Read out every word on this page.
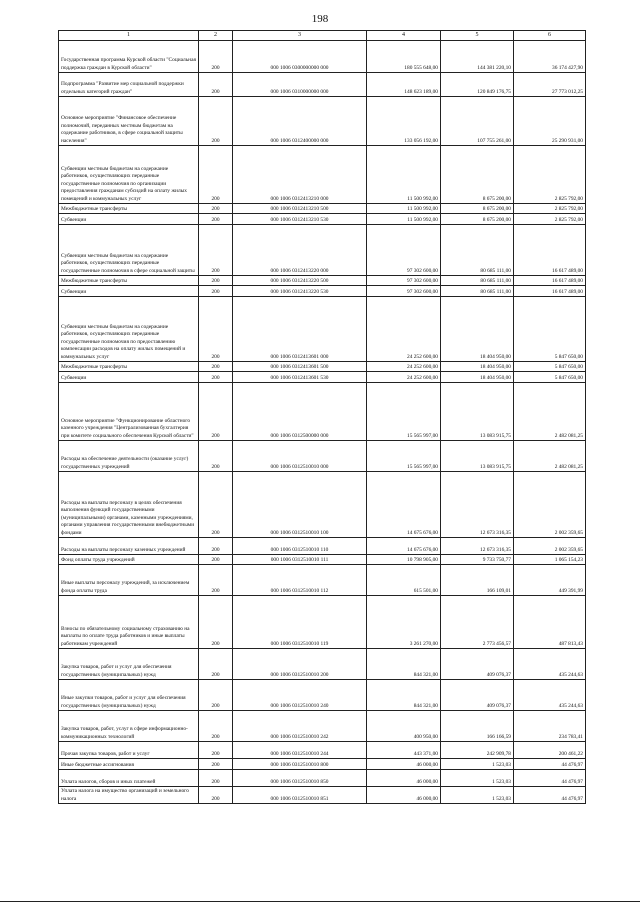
198
1	2	3	4	5	6
Государственная программа Курской области "Социальная поддержка граждан в Курской области"	200	000 1006 0300000000 000	180 555 648,00	144 381 220,10	36 174 427,90
Подпрограмма "Развитие мер социальной поддержки отдельных категорий граждан"	200	000 1006 0310000000 000	148 623 189,00	120 849 176,75	27 773 012,25
Основное мероприятие "Финансовое обеспечение полномочий, переданных местным бюджетам на содержание работников, в сфере социальной защиты населения"	200	000 1006 0312400000 000	133 056 192,00	107 755 261,00	25 290 931,00
Субвенции местным бюджетам на содержание работников, осуществляющих переданные государственные полномочия по организации предоставления гражданам субсидий на оплату жилых помещений и коммунальных услуг	200	000 1006 0312413210 000	11 500 992,00	8 675 200,00	2 825 792,00
Межбюджетные трансферты	200	000 1006 0312413210 500	11 500 992,00	8 675 200,00	2 825 792,00
Субвенции	200	000 1006 0312413210 530	11 500 992,00	8 675 200,00	2 825 792,00
Субвенции местным бюджетам на содержание работников, осуществляющих переданные государственные полномочия в сфере социальной защиты	200	000 1006 0312413220 000	97 302 600,00	80 685 111,00	16 617 489,00
Межбюджетные трансферты	200	000 1006 0312413220 500	97 302 600,00	80 685 111,00	16 617 489,00
Субвенции	200	000 1006 0312413220 530	97 302 600,00	80 685 111,00	16 617 489,00
Субвенции местным бюджетам на содержание работников, осуществляющих переданные государственные полномочия по предоставлению компенсации расходов на оплату жилых помещений и коммунальных услуг	200	000 1006 0312413601 000	24 252 600,00	18 404 950,00	5 847 650,00
Межбюджетные трансферты	200	000 1006 0312413601 500	24 252 600,00	18 404 950,00	5 847 650,00
Субвенции	200	000 1006 0312413601 530	24 252 600,00	18 404 950,00	5 847 650,00
Основное мероприятие "Функционирование областного казенного учреждения "Централизованная бухгалтерия при комитете социального обеспечения Курской области"	200	000 1006 0312500000 000	15 565 997,00	13 083 915,75	2 482 081,25
Расходы на обеспечение деятельности (оказание услуг) государственных учреждений	200	000 1006 0312510010 000	15 565 997,00	13 083 915,75	2 482 081,25
Расходы на выплаты персоналу в целях обеспечения выполнения функций государственными (муниципальными) органами, казенными учреждениями, органами управления государственными внебюджетными фондами	200	000 1006 0312510010 100	14 675 676,00	12 673 316,35	2 002 359,65
Расходы на выплаты персоналу казенных учреждений	200	000 1006 0312510010 110	14 675 676,00	12 673 316,35	2 002 359,65
Фонд оплаты труда учреждений	200	000 1006 0312510010 111	10 798 905,00	9 733 750,77	1 065 154,23
Иные выплаты персоналу учреждений, за исключением фонда оплаты труда	200	000 1006 0312510010 112	615 501,00	166 109,01	449 391,99
Взносы по обязательному социальному страхованию на выплаты по оплате труда работников и иные выплаты работникам учреждений	200	000 1006 0312510010 119	3 261 270,00	2 773 456,57	487 813,43
Закупка товаров, работ и услуг для обеспечения государственных (муниципальных) нужд	200	000 1006 0312510010 200	844 321,00	409 076,37	435 244,63
Иные закупки товаров, работ и услуг для обеспечения государственных (муниципальных) нужд	200	000 1006 0312510010 240	844 321,00	409 076,37	435 244,63
Закупка товаров, работ, услуг в сфере информационно-коммуникационных технологий	200	000 1006 0312510010 242	400 950,00	166 166,59	234 783,41
Прочая закупка товаров, работ и услуг	200	000 1006 0312510010 244	443 371,00	242 909,78	200 461,22
Иные бюджетные ассигнования	200	000 1006 0312510010 800	46 000,00	1 523,03	44 476,97
Уплата налогов, сборов и иных платежей	200	000 1006 0312510010 850	46 000,00	1 523,03	44 476,97
Уплата налога на имущество организаций и земельного налога	200	000 1006 0312510010 851	46 000,00	1 523,03	44 476,97
